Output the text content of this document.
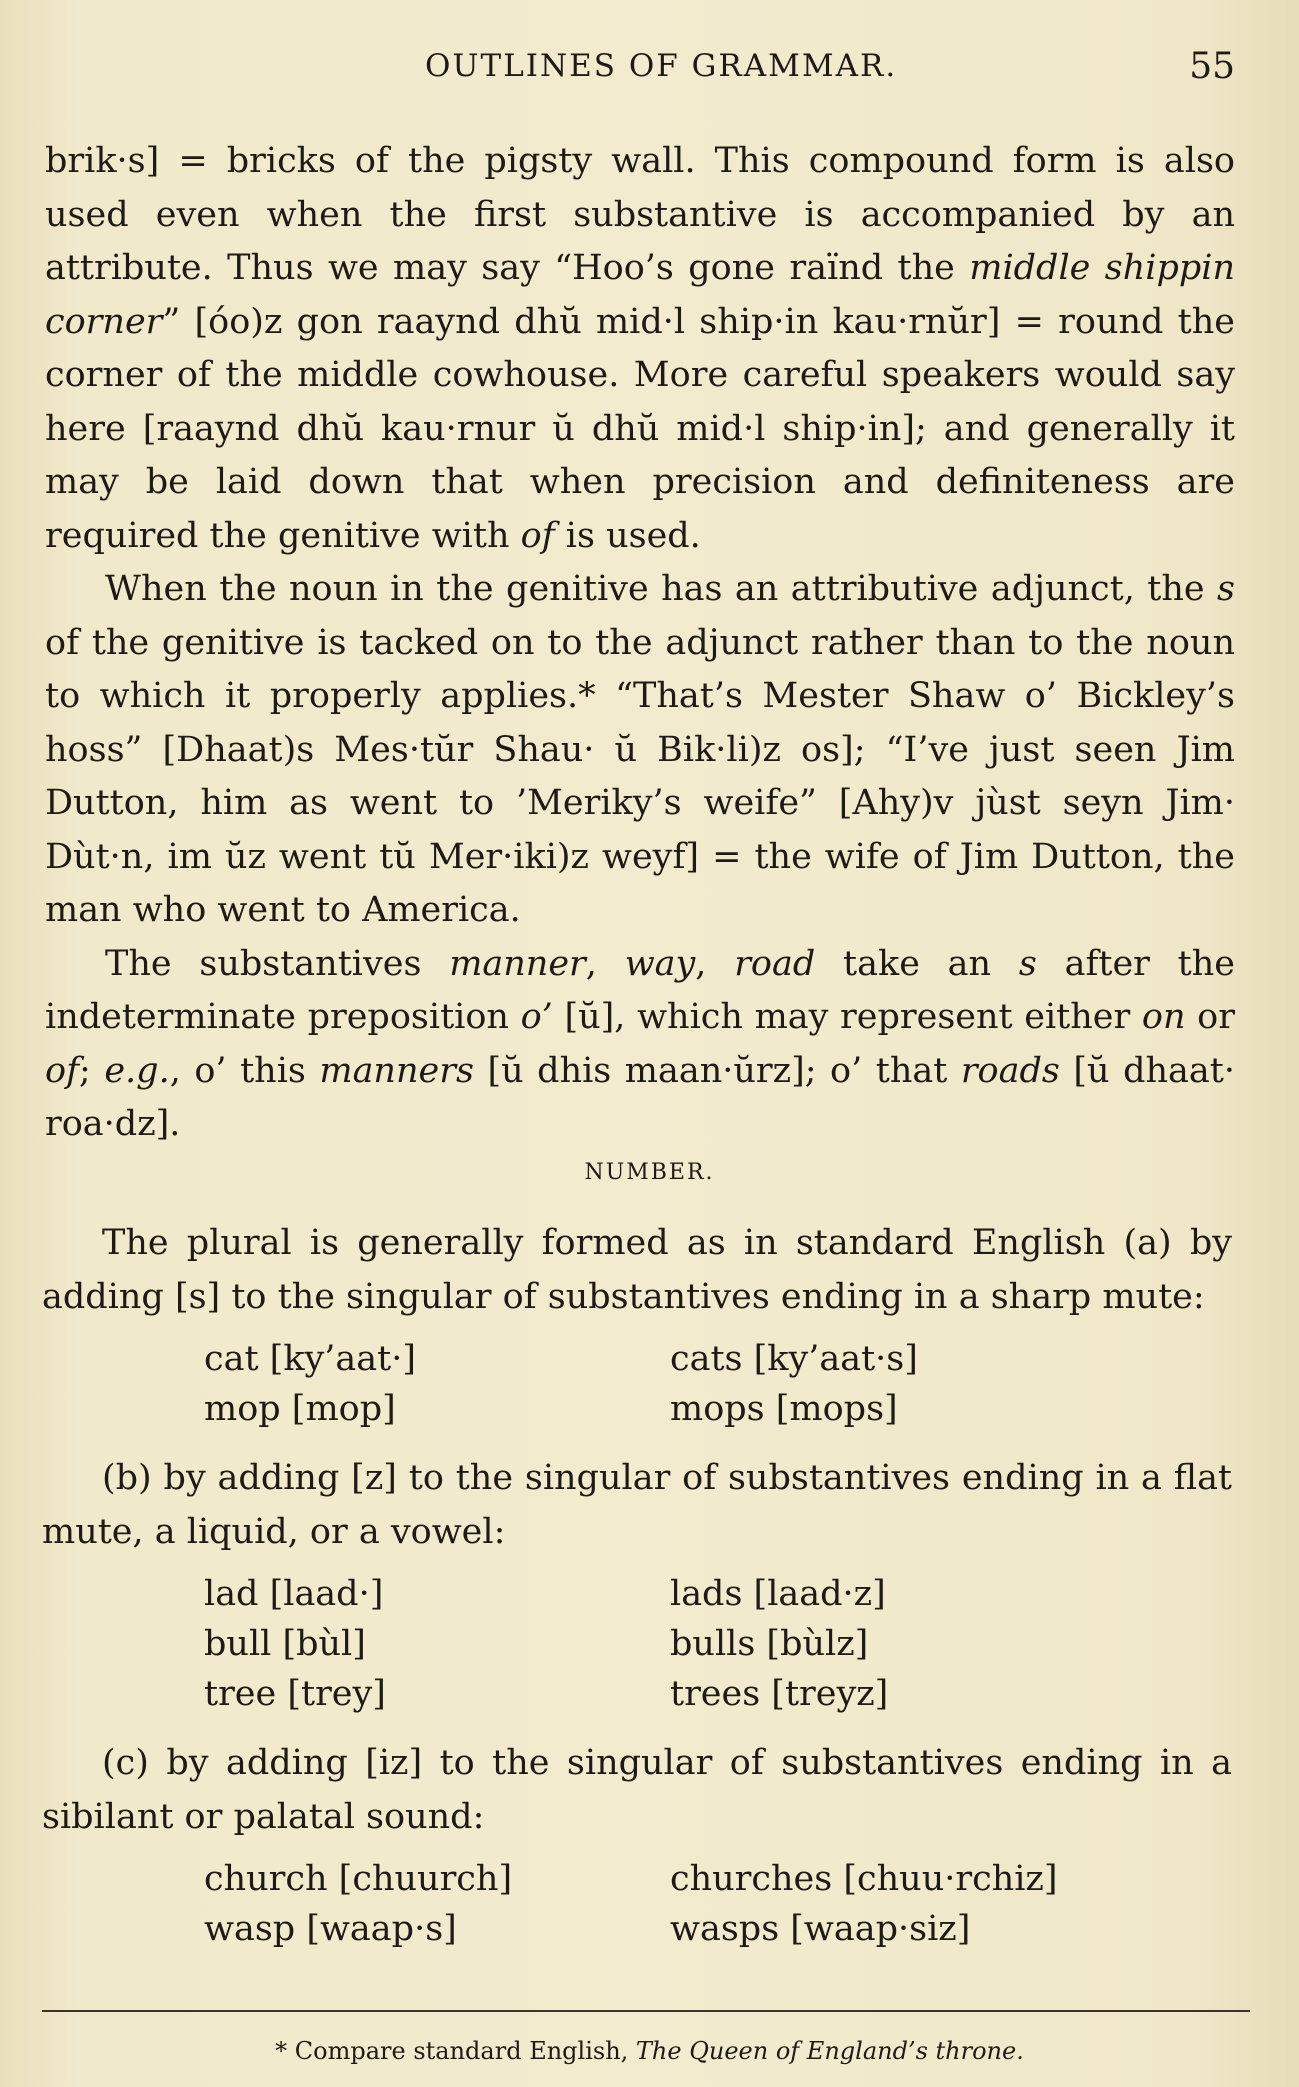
OUTLINES OF GRAMMAR.	55

brik·s] = bricks of the pigsty wall. This compound form is also used even when the first substantive is accompanied by an attribute. Thus we may say “Hoo’s gone raïnd the middle shippin corner” [óo)z gon raaynd dhŭ mid·l ship·in kau·rnŭr] = round the corner of the middle cowhouse. More careful speakers would say here [raaynd dhŭ kau·rnur ŭ dhŭ mid·l ship·in]; and generally it may be laid down that when precision and definiteness are required the genitive with of is used.

When the noun in the genitive has an attributive adjunct, the s of the genitive is tacked on to the adjunct rather than to the noun to which it properly applies.* “That’s Mester Shaw o’ Bickley’s hoss” [Dhaat)s Mes·tŭr Shau· ŭ Bik·li)z os]; “I’ve just seen Jim Dutton, him as went to ’Meriky’s weife” [Ahy)v jùst seyn Jim· Dùt·n, im ŭz went tŭ Mer·iki)z weyf] = the wife of Jim Dutton, the man who went to America.

The substantives manner, way, road take an s after the indeterminate preposition o’ [ŭ], which may represent either on or of; e.g., o’ this manners [ŭ dhis maan·ŭrz]; o’ that roads [ŭ dhaat· roa·dz].

NUMBER.

The plural is generally formed as in standard English (a) by adding [s] to the singular of substantives ending in a sharp mute:

cat [ky’aat·]	cats [ky’aat·s]
mop [mop]	mops [mops]

(b) by adding [z] to the singular of substantives ending in a flat mute, a liquid, or a vowel:

lad [laad·]	lads [laad·z]
bull [bùl]	bulls [bùlz]
tree [trey]	trees [treyz]

(c) by adding [iz] to the singular of substantives ending in a sibilant or palatal sound:

church [chuurch]	churches [chuu·rchiz]
wasp [waap·s]	wasps [waap·siz]
* Compare standard English, The Queen of England’s throne.
